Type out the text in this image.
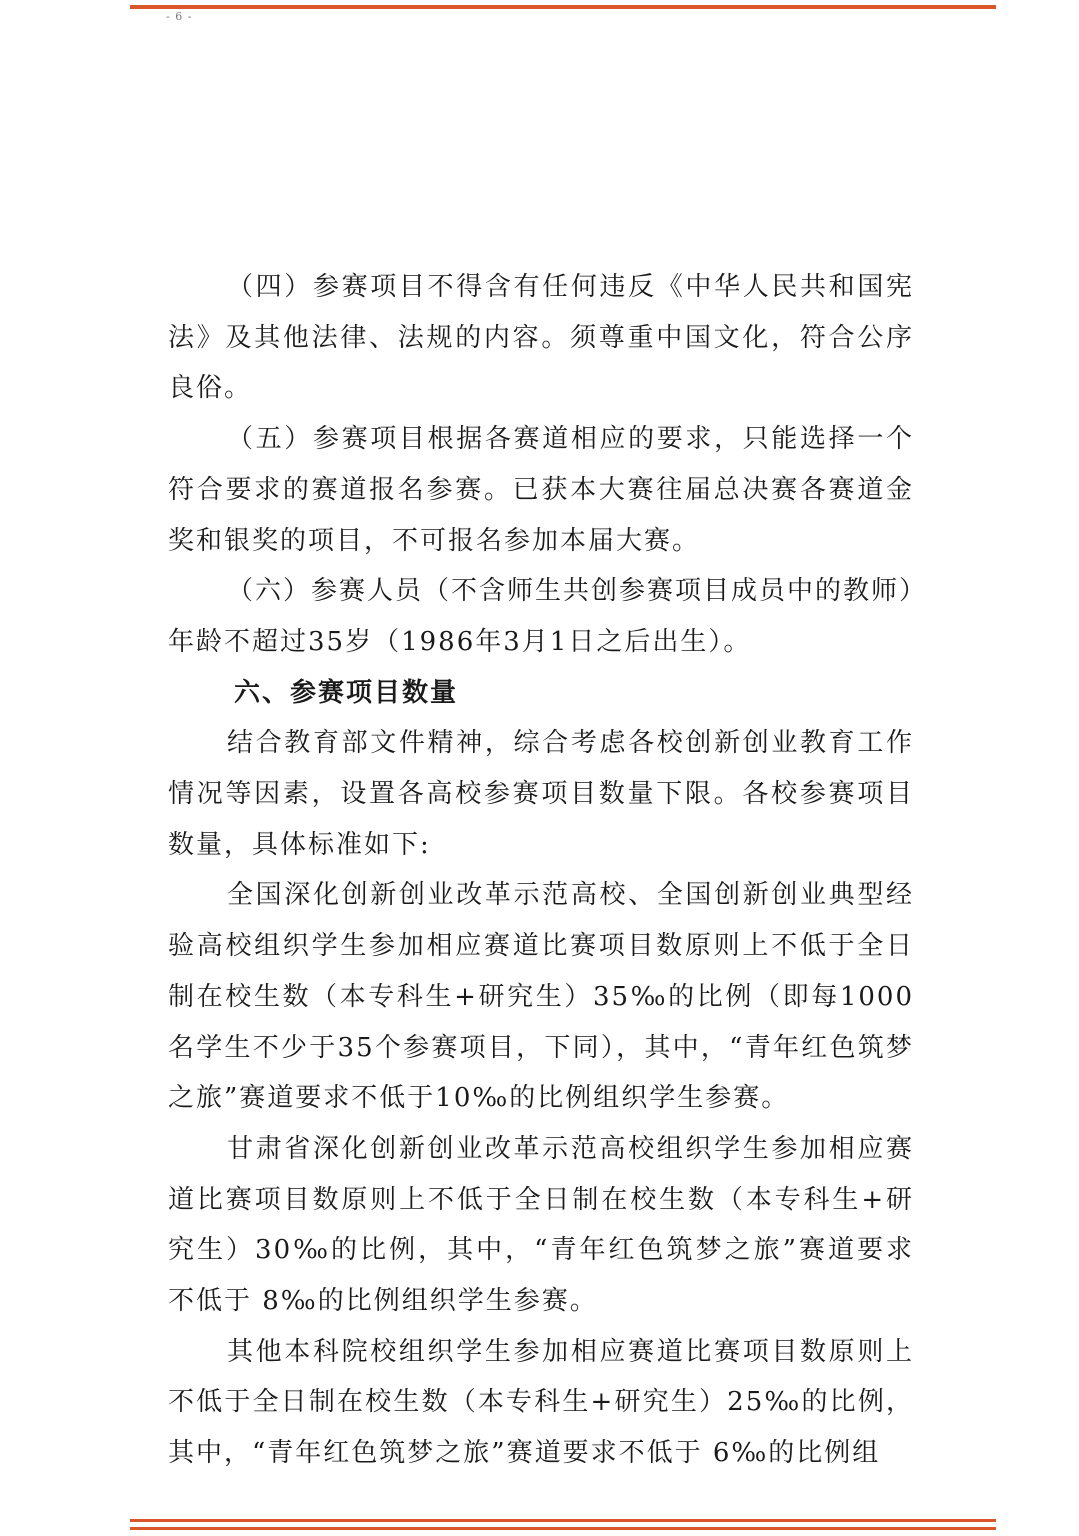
- 6 -

（四）参赛项目不得含有任何违反《中华人民共和国宪法》及其他法律、法规的内容。须尊重中国文化，符合公序良俗。

（五）参赛项目根据各赛道相应的要求，只能选择一个符合要求的赛道报名参赛。已获本大赛往届总决赛各赛道金奖和银奖的项目，不可报名参加本届大赛。

（六）参赛人员（不含师生共创参赛项目成员中的教师）年龄不超过35岁（1986年3月1日之后出生）。

六、参赛项目数量

结合教育部文件精神，综合考虑各校创新创业教育工作情况等因素，设置各高校参赛项目数量下限。各校参赛项目数量，具体标准如下:

全国深化创新创业改革示范高校、全国创新创业典型经验高校组织学生参加相应赛道比赛项目数原则上不低于全日制在校生数（本专科生+研究生）35‰的比例（即每1000名学生不少于35个参赛项目，下同），其中，“青年红色筑梦之旅”赛道要求不低于10‰的比例组织学生参赛。

甘肃省深化创新创业改革示范高校组织学生参加相应赛道比赛项目数原则上不低于全日制在校生数（本专科生+研究生）30‰的比例，其中，“青年红色筑梦之旅”赛道要求不低于 8‰的比例组织学生参赛。

其他本科院校组织学生参加相应赛道比赛项目数原则上不低于全日制在校生数（本专科生+研究生）25‰的比例，其中，“青年红色筑梦之旅”赛道要求不低于 6‰的比例组
